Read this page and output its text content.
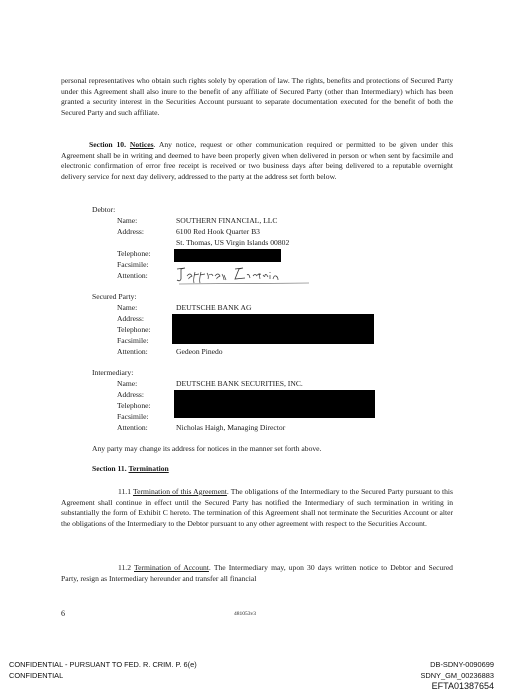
personal representatives who obtain such rights solely by operation of law. The rights, benefits and protections of Secured Party under this Agreement shall also inure to the benefit of any affiliate of Secured Party (other than Intermediary) which has been granted a security interest in the Securities Account pursuant to separate documentation executed for the benefit of both the Secured Party and such affiliate.
Section 10. Notices. Any notice, request or other communication required or permitted to be given under this Agreement shall be in writing and deemed to have been properly given when delivered in person or when sent by facsimile and electronic confirmation of error free receipt is received or two business days after being delivered to a reputable overnight delivery service for next day delivery, addressed to the party at the address set forth below.
Debtor:
Name:	SOUTHERN FINANCIAL, LLC
Address:	6100 Red Hook Quarter B3
St. Thomas, US Virgin Islands 00802
Telephone:
Facsimile:
Attention:
Secured Party:
Name:	DEUTSCHE BANK AG
Address:
Telephone:
Facsimile:
Attention:	Gedeon Pinedo
Intermediary:
Name:	DEUTSCHE BANK SECURITIES, INC.
Address:
Telephone:
Facsimile:
Attention:	Nicholas Haigh, Managing Director
Any party may change its address for notices in the manner set forth above.
Section 11. Termination
11.1 Termination of this Agreement. The obligations of the Intermediary to the Secured Party pursuant to this Agreement shall continue in effect until the Secured Party has notified the Intermediary of such termination in writing in substantially the form of Exhibit C hereto. The termination of this Agreement shall not terminate the Securities Account or alter the obligations of the Intermediary to the Debtor pursuant to any other agreement with respect to the Securities Account.
11.2 Termination of Account. The Intermediary may, upon 30 days written notice to Debtor and Secured Party, resign as Intermediary hereunder and transfer all financial
6	481053v3
CONFIDENTIAL - PURSUANT TO FED. R. CRIM. P. 6(e)
CONFIDENTIAL
DB-SDNY-0090699
SDNY_GM_00236883
EFTA01387654
